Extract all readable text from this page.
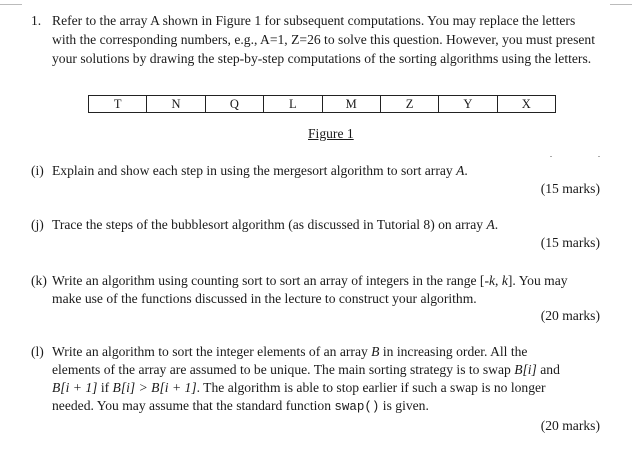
1. Refer to the array A shown in Figure 1 for subsequent computations. You may replace the letters
with the corresponding numbers, e.g., A=1, Z=26 to solve this question. However, you must present
your solutions by drawing the step-by-step computations of the sorting algorithms using the letters.
T	N	Q	L	M	Z	Y	X
Figure 1
(i) Explain and show each step in using the mergesort algorithm to sort array A.
(15 marks)
(j) Trace the steps of the bubblesort algorithm (as discussed in Tutorial 8) on array A.
(15 marks)
(k) Write an algorithm using counting sort to sort an array of integers in the range [-k, k]. You may
make use of the functions discussed in the lecture to construct your algorithm.
(20 marks)
(l) Write an algorithm to sort the integer elements of an array B in increasing order. All the
elements of the array are assumed to be unique. The main sorting strategy is to swap B[i] and
B[i + 1] if B[i] > B[i + 1]. The algorithm is able to stop earlier if such a swap is no longer
needed. You may assume that the standard function swap() is given.
(20 marks)
